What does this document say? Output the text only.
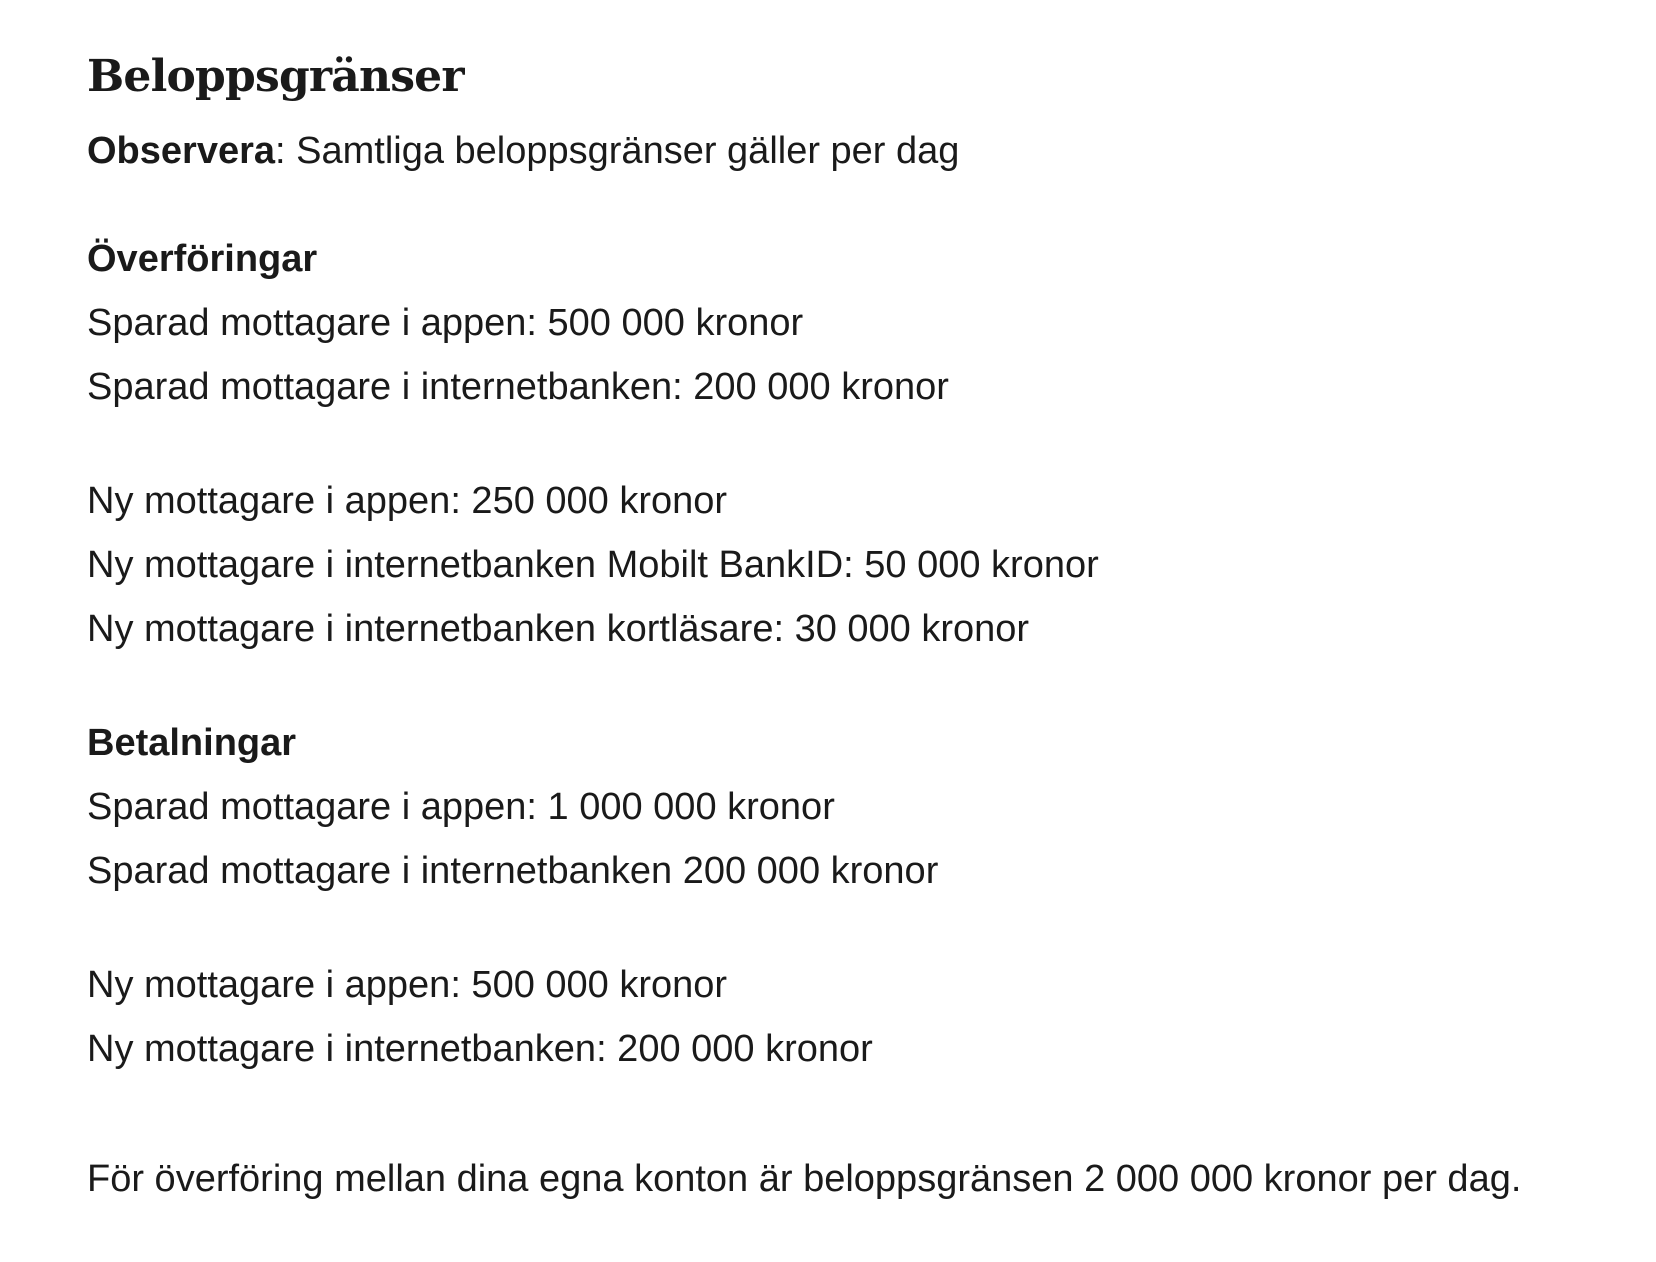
Beloppsgränser

Observera: Samtliga beloppsgränser gäller per dag

Överföringar

Sparad mottagare i appen: 500 000 kronor

Sparad mottagare i internetbanken: 200 000 kronor

Ny mottagare i appen: 250 000 kronor

Ny mottagare i internetbanken Mobilt BankID: 50 000 kronor

Ny mottagare i internetbanken kortläsare: 30 000 kronor

Betalningar

Sparad mottagare i appen: 1 000 000 kronor

Sparad mottagare i internetbanken 200 000 kronor

Ny mottagare i appen: 500 000 kronor

Ny mottagare i internetbanken: 200 000 kronor

För överföring mellan dina egna konton är beloppsgränsen 2 000 000 kronor per dag.
